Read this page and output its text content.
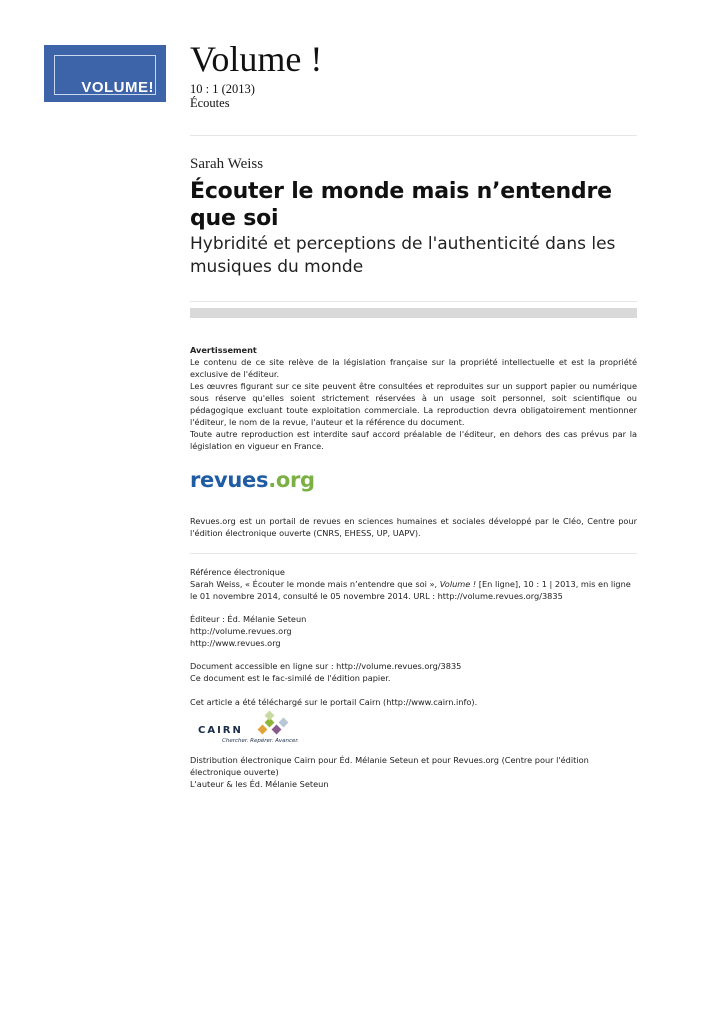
VOLUME!
Volume !
10 : 1 (2013)
Écoutes
Sarah Weiss
Écouter le monde mais n’entendre que soi
Hybridité et perceptions de l'authenticité dans les musiques du monde

Avertissement

Le contenu de ce site relève de la législation française sur la propriété intellectuelle et est la propriété exclusive de l'éditeur.

Les œuvres figurant sur ce site peuvent être consultées et reproduites sur un support papier ou numérique sous réserve qu'elles soient strictement réservées à un usage soit personnel, soit scientifique ou pédagogique excluant toute exploitation commerciale. La reproduction devra obligatoirement mentionner l'éditeur, le nom de la revue, l'auteur et la référence du document.

Toute autre reproduction est interdite sauf accord préalable de l'éditeur, en dehors des cas prévus par la législation en vigueur en France.

revues.org
Revues.org est un portail de revues en sciences humaines et sociales développé par le Cléo, Centre pour l'édition électronique ouverte (CNRS, EHESS, UP, UAPV).

Référence électronique

Sarah Weiss, « Écouter le monde mais n’entendre que soi », Volume ! [En ligne], 10 : 1 | 2013, mis en ligne le 01 novembre 2014, consulté le 05 novembre 2014. URL : http://volume.revues.org/3835

Éditeur : Éd. Mélanie Seteun

http://volume.revues.org

http://www.revues.org

Document accessible en ligne sur : http://volume.revues.org/3835

Ce document est le fac-similé de l'édition papier.

Cet article a été téléchargé sur le portail Cairn (http://www.cairn.info).
CAIRN
Chercher. Repérer. Avancer.

Distribution électronique Cairn pour Éd. Mélanie Seteun et pour Revues.org (Centre pour l'édition électronique ouverte)

L'auteur & les Éd. Mélanie Seteun
